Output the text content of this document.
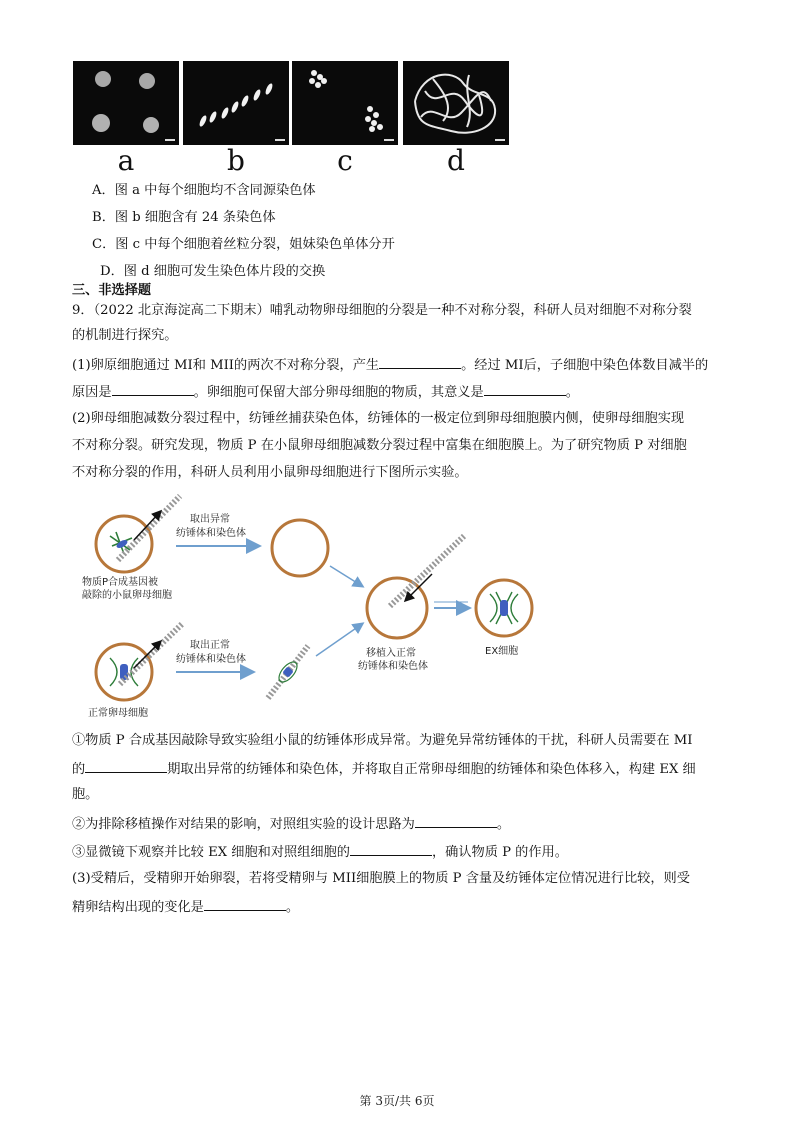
a	b	c	d
A．图 a 中每个细胞均不含同源染色体
B．图 b 细胞含有 24 条染色体
C．图 c 中每个细胞着丝粒分裂，姐妹染色单体分开
D．图 d 细胞可发生染色体片段的交换
三、非选择题
9．（2022 北京海淀高二下期末）哺乳动物卵母细胞的分裂是一种不对称分裂，科研人员对细胞不对称分裂
的机制进行探究。
(1)卵原细胞通过 MI和 MII的两次不对称分裂，产生	。经过 MI后，子细胞中染色体数目减半的
原因是	。卵细胞可保留大部分卵母细胞的物质，其意义是	。
(2)卵母细胞减数分裂过程中，纺锤丝捕获染色体，纺锤体的一极定位到卵母细胞膜内侧，使卵母细胞实现
不对称分裂。研究发现，物质 P 在小鼠卵母细胞减数分裂过程中富集在细胞膜上。为了研究物质 P 对细胞
不对称分裂的作用，科研人员利用小鼠卵母细胞进行下图所示实验。
物质P合成基因被
敲除的小鼠卵母细胞
取出异常
纺锤体和染色体
移植入正常
纺锤体和染色体
EX细胞
正常卵母细胞
取出正常
纺锤体和染色体
①物质 P 合成基因敲除导致实验组小鼠的纺锤体形成异常。为避免异常纺锤体的干扰，科研人员需要在 MI
的	期取出异常的纺锤体和染色体，并将取自正常卵母细胞的纺锤体和染色体移入，构建 EX 细
胞。
②为排除移植操作对结果的影响，对照组实验的设计思路为	。
③显微镜下观察并比较 EX 细胞和对照组细胞的	，确认物质 P 的作用。
(3)受精后，受精卵开始卵裂，若将受精卵与 MII细胞膜上的物质 P 含量及纺锤体定位情况进行比较，则受
精卵结构出现的变化是	。
第 3页/共 6页
